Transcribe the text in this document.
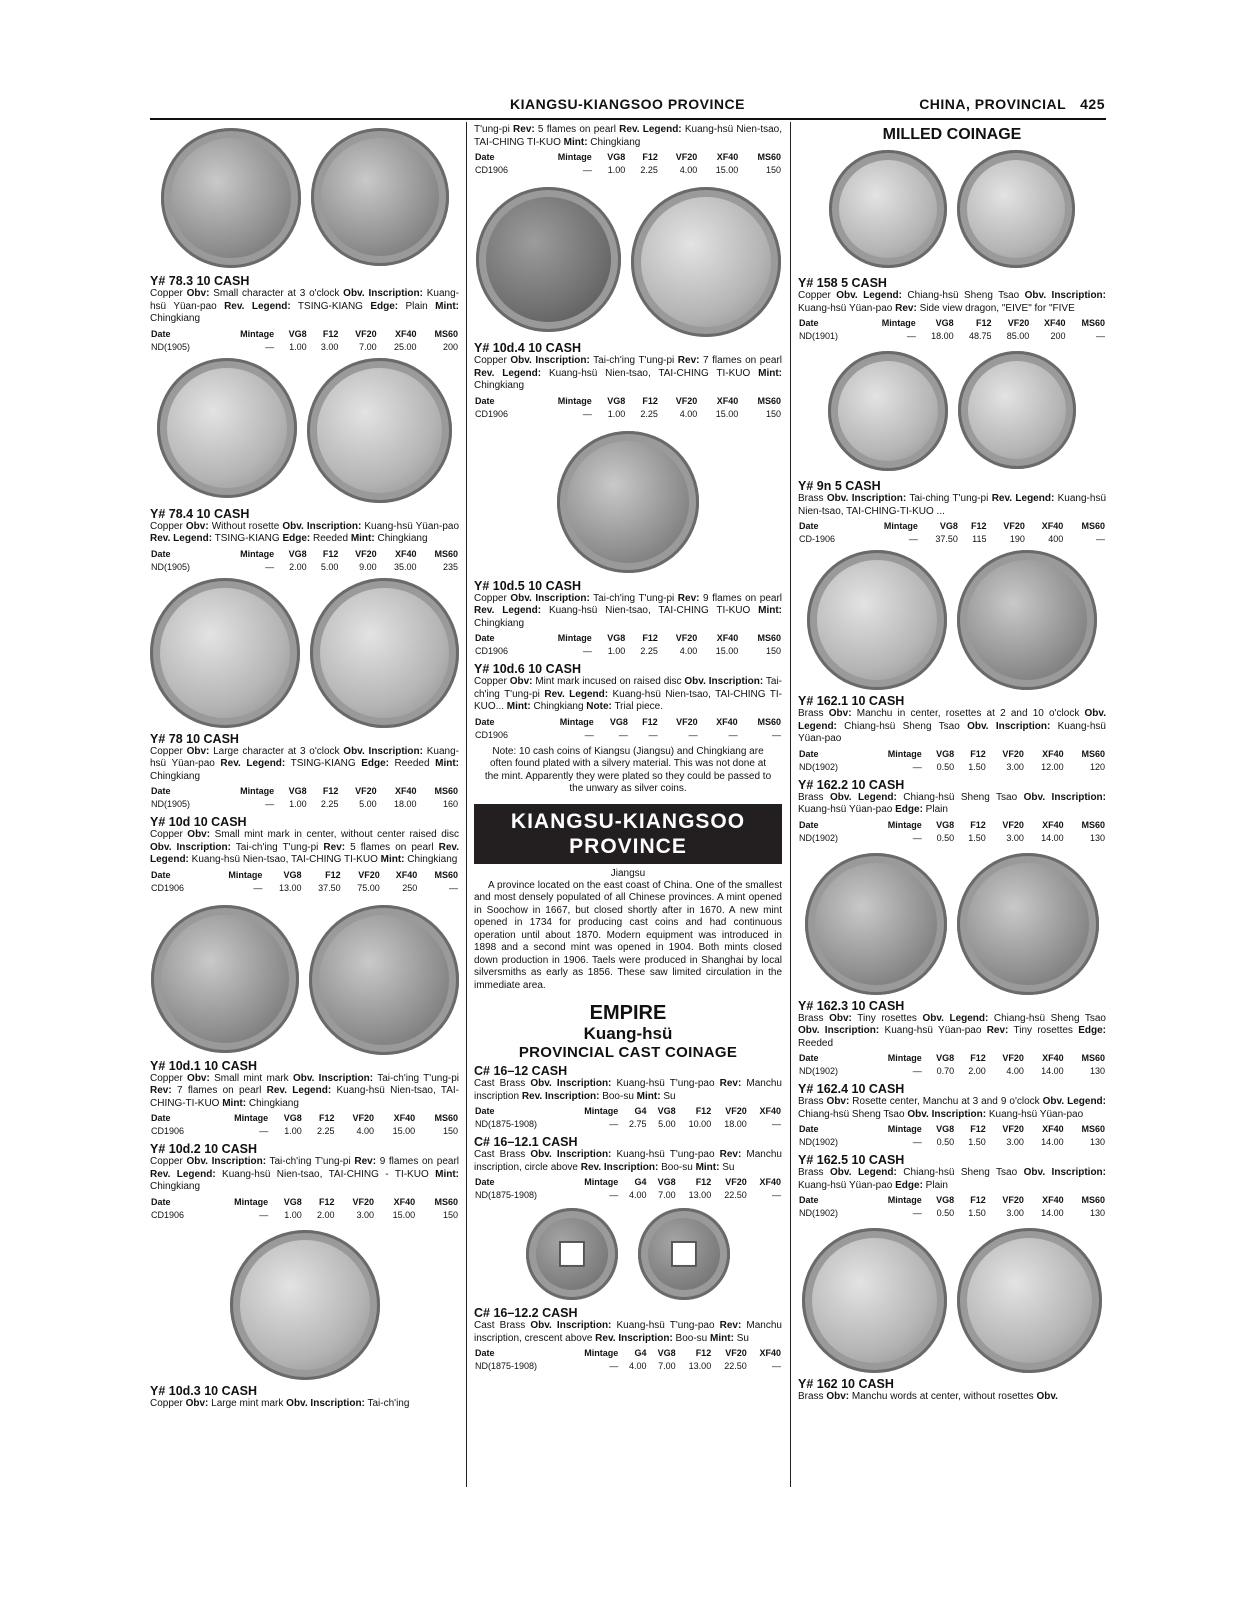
KIANGSU-KIANGSOO PROVINCE	CHINA, PROVINCIAL 425
Y# 78.3 10 CASH
Copper Obv: Small character at 3 o'clock Obv. Inscription: Kuang-hsü Yüan-pao Rev. Legend: TSING-KIANG Edge: Plain Mint: Chingkiang
Date	Mintage	VG8	F12	VF20	XF40	MS60
ND(1905)	—	1.00	3.00	7.00	25.00	200
Y# 78.4 10 CASH
Copper Obv: Without rosette Obv. Inscription: Kuang-hsü Yüan-pao Rev. Legend: TSING-KIANG Edge: Reeded Mint: Chingkiang
Date	Mintage	VG8	F12	VF20	XF40	MS60
ND(1905)	—	2.00	5.00	9.00	35.00	235
Y# 78 10 CASH
Copper Obv: Large character at 3 o'clock Obv. Inscription: Kuang-hsü Yüan-pao Rev. Legend: TSING-KIANG Edge: Reeded Mint: Chingkiang
Date	Mintage	VG8	F12	VF20	XF40	MS60
ND(1905)	—	1.00	2.25	5.00	18.00	160
Y# 10d 10 CASH
Copper Obv: Small mint mark in center, without center raised disc Obv. Inscription: Tai-ch'ing T'ung-pi Rev: 5 flames on pearl Rev. Legend: Kuang-hsü Nien-tsao, TAI-CHING TI-KUO Mint: Chingkiang
Date	Mintage	VG8	F12	VF20	XF40	MS60
CD1906	—	13.00	37.50	75.00	250	—
Y# 10d.1 10 CASH
Copper Obv: Small mint mark Obv. Inscription: Tai-ch'ing T'ung-pi Rev: 7 flames on pearl Rev. Legend: Kuang-hsü Nien-tsao, TAI-CHING-TI-KUO Mint: Chingkiang
Date	Mintage	VG8	F12	VF20	XF40	MS60
CD1906	—	1.00	2.25	4.00	15.00	150
Y# 10d.2 10 CASH
Copper Obv. Inscription: Tai-ch'ing T'ung-pi Rev: 9 flames on pearl Rev. Legend: Kuang-hsü Nien-tsao, TAI-CHING - TI-KUO Mint: Chingkiang
Date	Mintage	VG8	F12	VF20	XF40	MS60
CD1906	—	1.00	2.00	3.00	15.00	150
Y# 10d.3 10 CASH
Copper Obv: Large mint mark Obv. Inscription: Tai-ch'ing
T'ung-pi Rev: 5 flames on pearl Rev. Legend: Kuang-hsü Nien-tsao, TAI-CHING TI-KUO Mint: Chingkiang
Date	Mintage	VG8	F12	VF20	XF40	MS60
CD1906	—	1.00	2.25	4.00	15.00	150
Y# 10d.4 10 CASH
Copper Obv. Inscription: Tai-ch'ing T'ung-pi Rev: 7 flames on pearl Rev. Legend: Kuang-hsü Nien-tsao, TAI-CHING TI-KUO Mint: Chingkiang
Date	Mintage	VG8	F12	VF20	XF40	MS60
CD1906	—	1.00	2.25	4.00	15.00	150
Y# 10d.5 10 CASH
Copper Obv. Inscription: Tai-ch'ing T'ung-pi Rev: 9 flames on pearl Rev. Legend: Kuang-hsü Nien-tsao, TAI-CHING TI-KUO Mint: Chingkiang
Date	Mintage	VG8	F12	VF20	XF40	MS60
CD1906	—	1.00	2.25	4.00	15.00	150
Y# 10d.6 10 CASH
Copper Obv: Mint mark incused on raised disc Obv. Inscription: Tai-ch'ing T'ung-pi Rev. Legend: Kuang-hsü Nien-tsao, TAI-CHING TI-KUO... Mint: Chingkiang Note: Trial piece.
Date	Mintage	VG8	F12	VF20	XF40	MS60
CD1906	—	—	—	—	—	—
Note: 10 cash coins of Kiangsu (Jiangsu) and Chingkiang are often found plated with a silvery material. This was not done at the mint. Apparently they were plated so they could be passed to the unwary as silver coins.
KIANGSU-KIANGSOO
PROVINCE
Jiangsu
A province located on the east coast of China. One of the smallest and most densely populated of all Chinese provinces. A mint opened in Soochow in 1667, but closed shortly after in 1670. A new mint opened in 1734 for producing cast coins and had continuous operation until about 1870. Modern equipment was introduced in 1898 and a second mint was opened in 1904. Both mints closed down production in 1906. Taels were produced in Shanghai by local silversmiths as early as 1856. These saw limited circulation in the immediate area.
EMPIRE
Kuang-hsü
PROVINCIAL CAST COINAGE
C# 16–12 CASH
Cast Brass Obv. Inscription: Kuang-hsü T'ung-pao Rev: Manchu inscription Rev. Inscription: Boo-su Mint: Su
Date	Mintage	G4	VG8	F12	VF20	XF40
ND(1875-1908)	—	2.75	5.00	10.00	18.00	—
C# 16–12.1 CASH
Cast Brass Obv. Inscription: Kuang-hsü T'ung-pao Rev: Manchu inscription, circle above Rev. Inscription: Boo-su Mint: Su
Date	Mintage	G4	VG8	F12	VF20	XF40
ND(1875-1908)	—	4.00	7.00	13.00	22.50	—
C# 16–12.2 CASH
Cast Brass Obv. Inscription: Kuang-hsü T'ung-pao Rev: Manchu inscription, crescent above Rev. Inscription: Boo-su Mint: Su
Date	Mintage	G4	VG8	F12	VF20	XF40
ND(1875-1908)	—	4.00	7.00	13.00	22.50	—
MILLED COINAGE
Y# 158 5 CASH
Copper Obv. Legend: Chiang-hsü Sheng Tsao Obv. Inscription: Kuang-hsü Yüan-pao Rev: Side view dragon, "EIVE" for "FIVE
Date	Mintage	VG8	F12	VF20	XF40	MS60
ND(1901)	—	18.00	48.75	85.00	200	—
Y# 9n 5 CASH
Brass Obv. Inscription: Tai-ching T'ung-pi Rev. Legend: Kuang-hsü Nien-tsao, TAI-CHING-TI-KUO ...
Date	Mintage	VG8	F12	VF20	XF40	MS60
CD-1906	—	37.50	115	190	400	—
Y# 162.1 10 CASH
Brass Obv: Manchu in center, rosettes at 2 and 10 o'clock Obv. Legend: Chiang-hsü Sheng Tsao Obv. Inscription: Kuang-hsü Yüan-pao
Date	Mintage	VG8	F12	VF20	XF40	MS60
ND(1902)	—	0.50	1.50	3.00	12.00	120
Y# 162.2 10 CASH
Brass Obv. Legend: Chiang-hsü Sheng Tsao Obv. Inscription: Kuang-hsü Yüan-pao Edge: Plain
Date	Mintage	VG8	F12	VF20	XF40	MS60
ND(1902)	—	0.50	1.50	3.00	14.00	130
Y# 162.3 10 CASH
Brass Obv: Tiny rosettes Obv. Legend: Chiang-hsü Sheng Tsao Obv. Inscription: Kuang-hsü Yüan-pao Rev: Tiny rosettes Edge: Reeded
Date	Mintage	VG8	F12	VF20	XF40	MS60
ND(1902)	—	0.70	2.00	4.00	14.00	130
Y# 162.4 10 CASH
Brass Obv: Rosette center, Manchu at 3 and 9 o'clock Obv. Legend: Chiang-hsü Sheng Tsao Obv. Inscription: Kuang-hsü Yüan-pao
Date	Mintage	VG8	F12	VF20	XF40	MS60
ND(1902)	—	0.50	1.50	3.00	14.00	130
Y# 162.5 10 CASH
Brass Obv. Legend: Chiang-hsü Sheng Tsao Obv. Inscription: Kuang-hsü Yüan-pao Edge: Plain
Date	Mintage	VG8	F12	VF20	XF40	MS60
ND(1902)	—	0.50	1.50	3.00	14.00	130
Y# 162 10 CASH
Brass Obv: Manchu words at center, without rosettes Obv.
